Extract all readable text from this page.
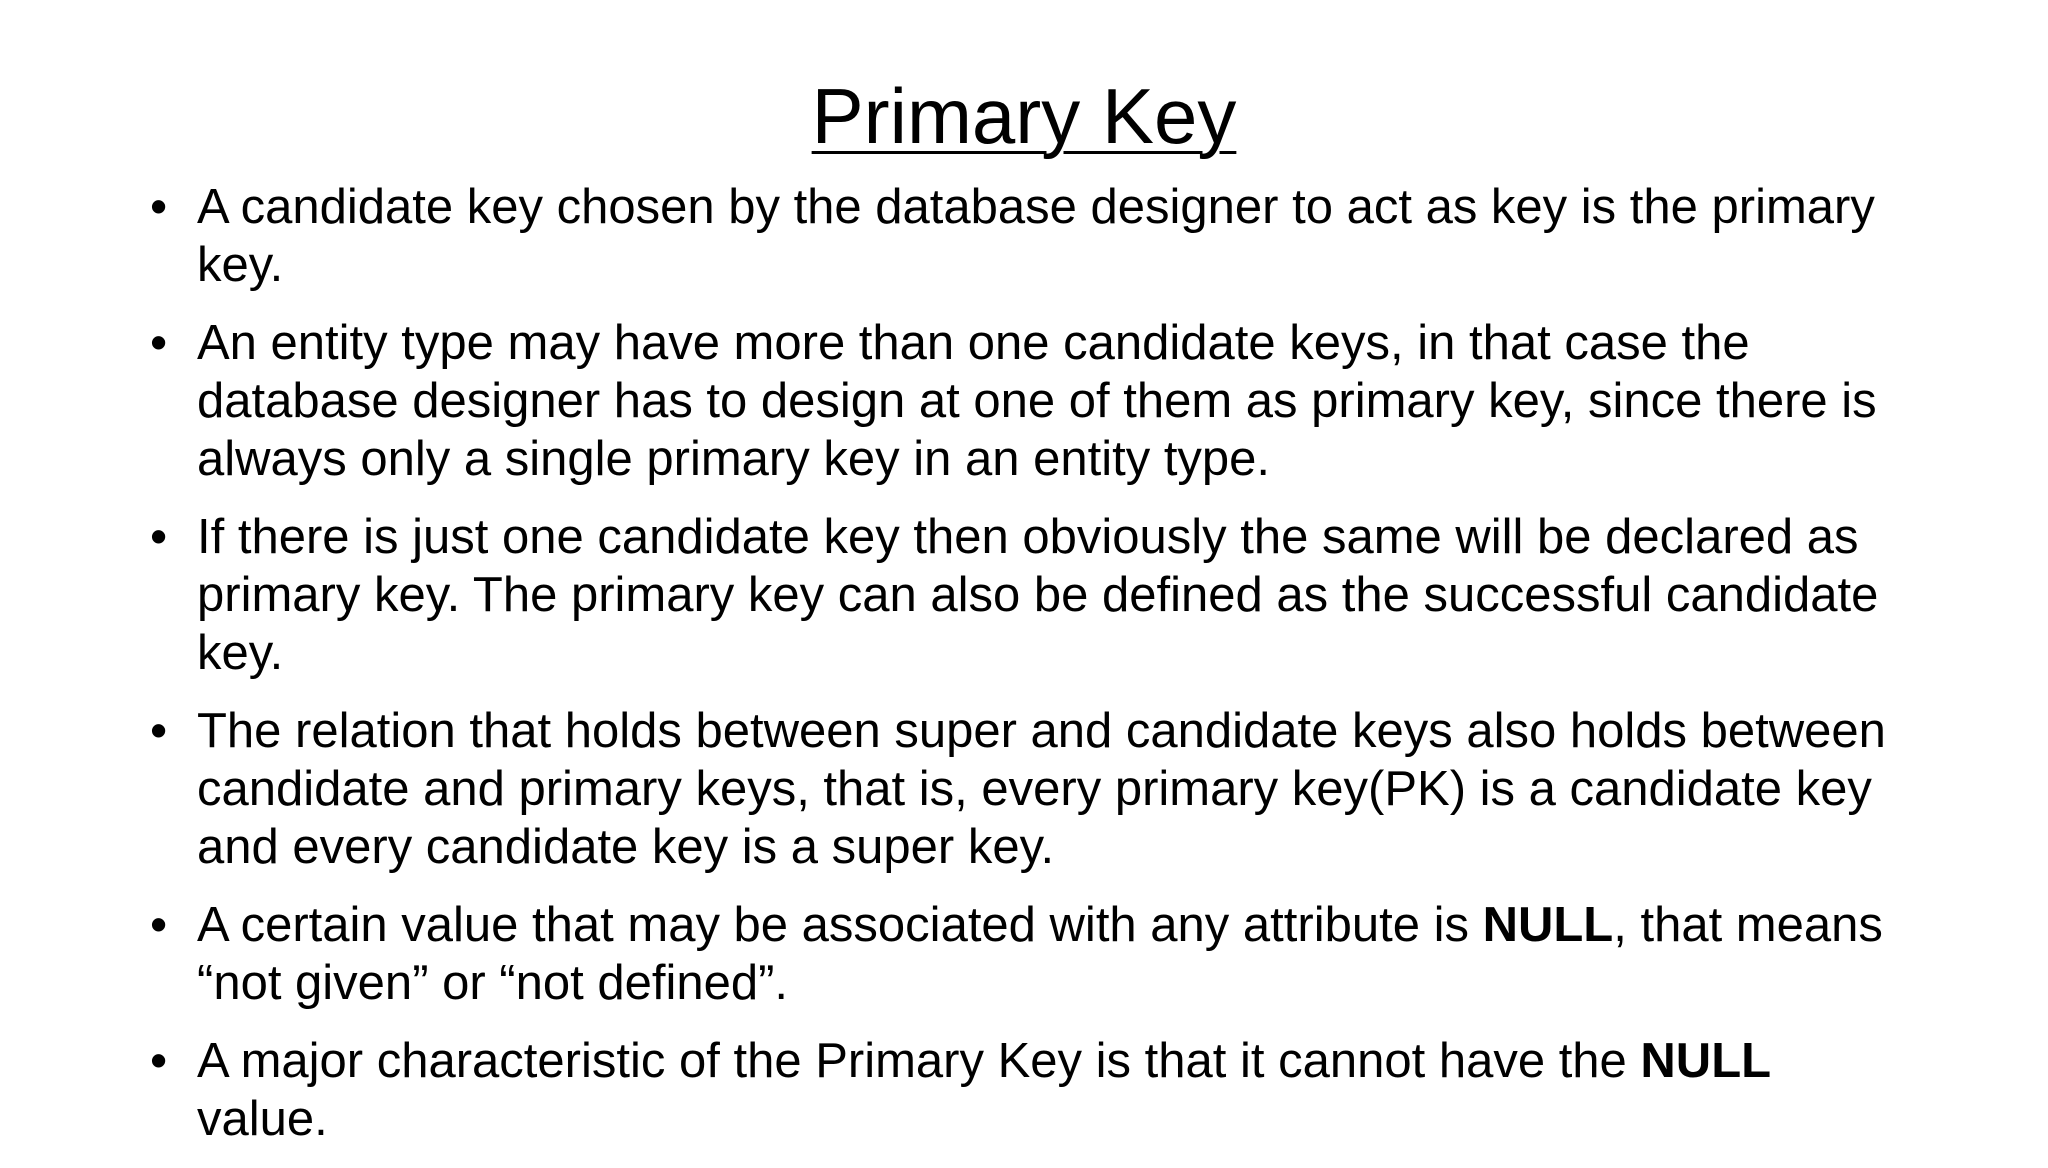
Primary Key
• A candidate key chosen by the database designer to act as key is the primary key.
• An entity type may have more than one candidate keys, in that case the database designer has to design at one of them as primary key, since there is always only a single primary key in an entity type.
• If there is just one candidate key then obviously the same will be declared as primary key. The primary key can also be defined as the successful candidate key.
• The relation that holds between super and candidate keys also holds between candidate and primary keys, that is, every primary key(PK) is a candidate key and every candidate key is a super key.
• A certain value that may be associated with any attribute is NULL, that means “not given” or “not defined”.
• A major characteristic of the Primary Key is that it cannot have the NULL value.
